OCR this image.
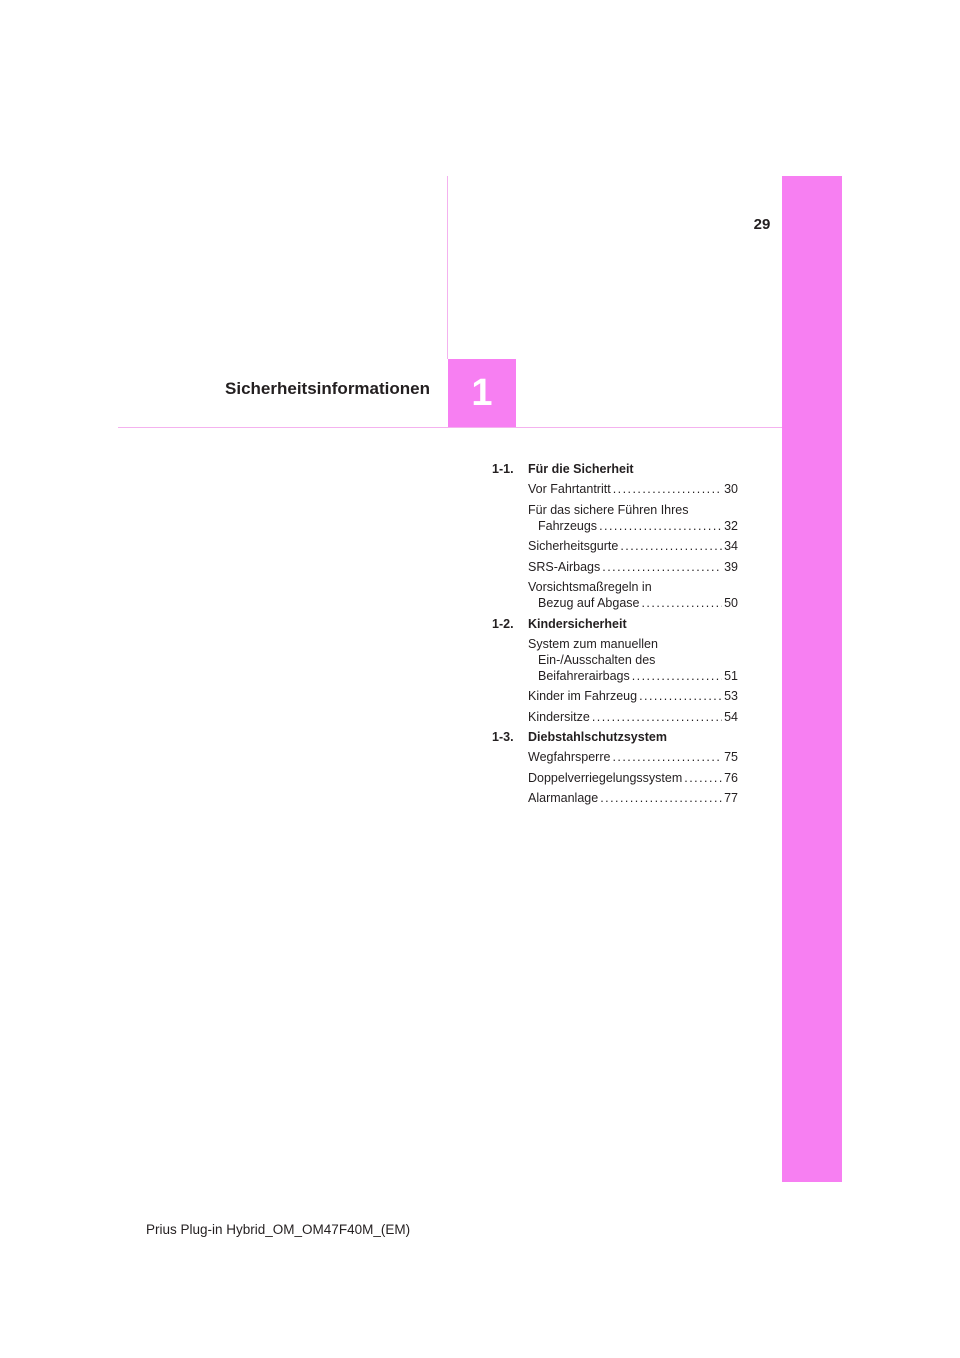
29
1
Sicherheitsinformationen
1-1.	Für die Sicherheit
Vor Fahrtantritt . . .	30
Für das sichere Führen Ihres
Fahrzeugs . . .	32
Sicherheitsgurte . . .	34
SRS-Airbags . . .	39
Vorsichtsmaßregeln in
Bezug auf Abgase . . .	50
1-2.	Kindersicherheit
System zum manuellen
Ein-/Ausschalten des
Beifahrerairbags . . .	51
Kinder im Fahrzeug . . .	53
Kindersitze . . .	54
1-3.	Diebstahlschutzsystem
Wegfahrsperre . . .	75
Doppelverriegelungssystem . . .	76
Alarmanlage . . .	77
Prius Plug-in Hybrid_OM_OM47F40M_(EM)
